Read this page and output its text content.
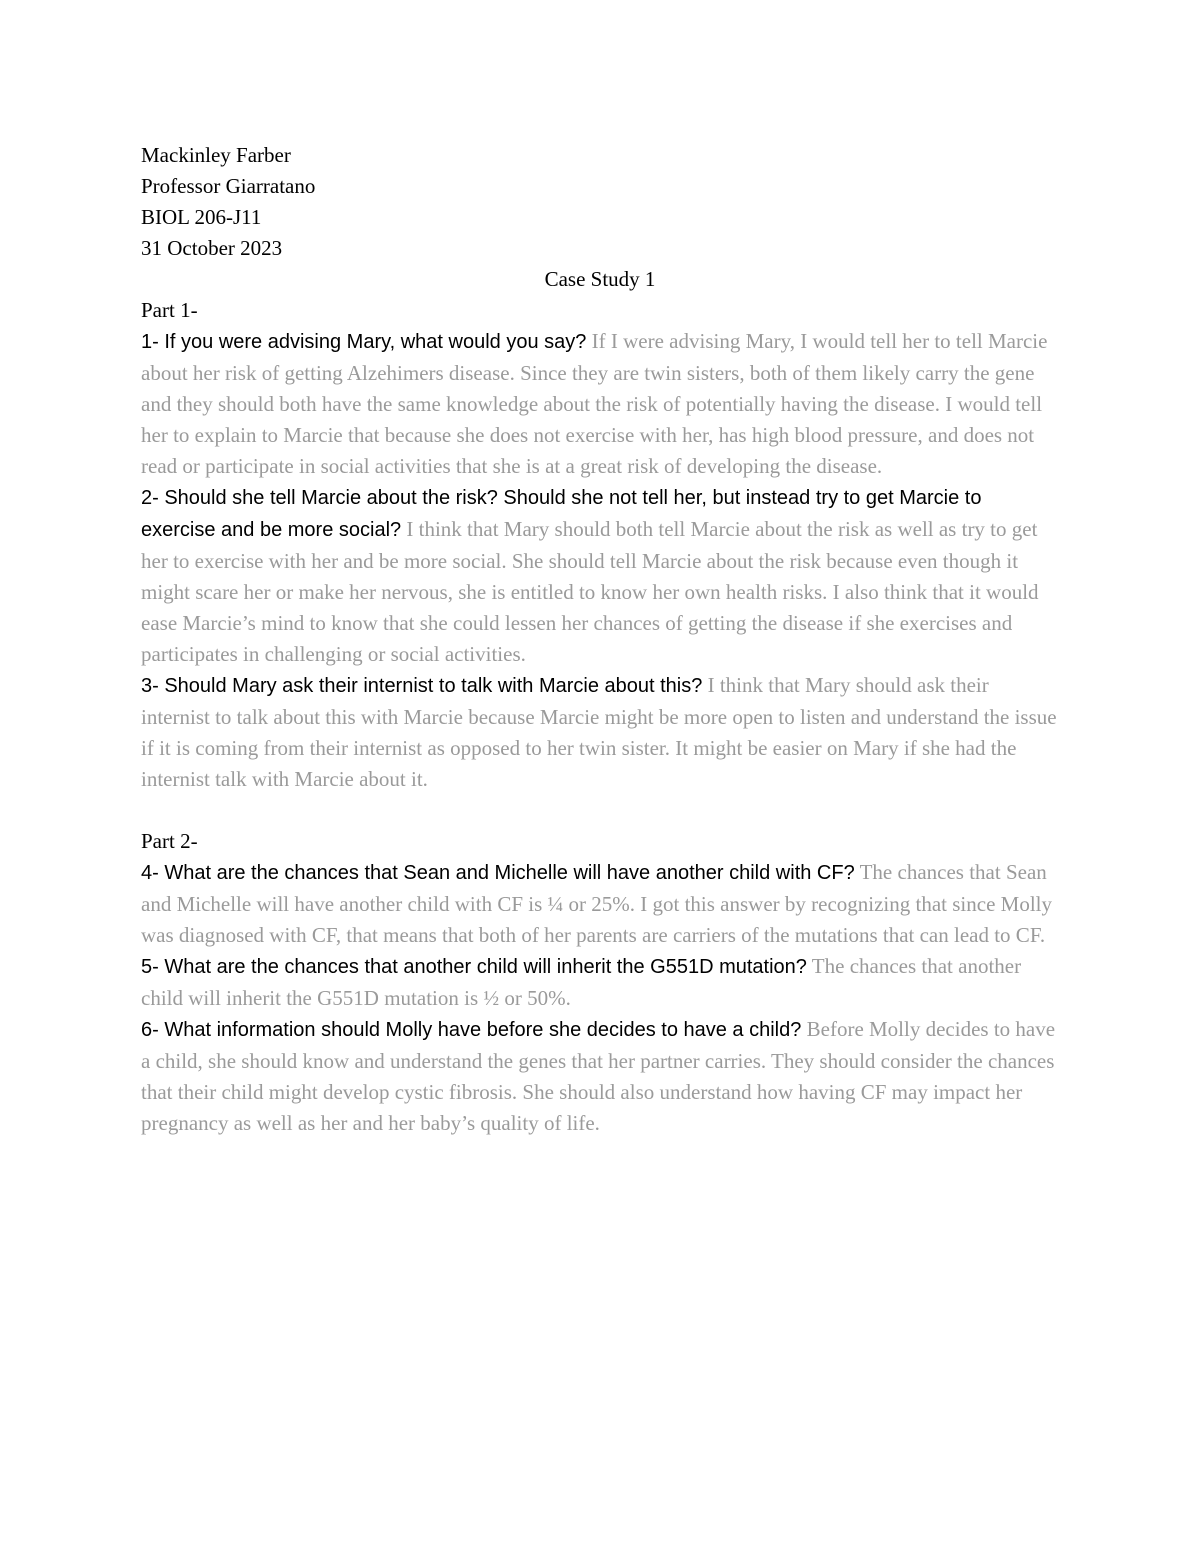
Mackinley Farber
Professor Giarratano
BIOL 206-J11
31 October 2023
Case Study 1
Part 1-

1- If you were advising Mary, what would you say? If I were advising Mary, I would tell her to tell Marcie about her risk of getting Alzehimers disease. Since they are twin sisters, both of them likely carry the gene and they should both have the same knowledge about the risk of potentially having the disease. I would tell her to explain to Marcie that because she does not exercise with her, has high blood pressure, and does not read or participate in social activities that she is at a great risk of developing the disease.

2- Should she tell Marcie about the risk? Should she not tell her, but instead try to get Marcie to exercise and be more social? I think that Mary should both tell Marcie about the risk as well as try to get her to exercise with her and be more social. She should tell Marcie about the risk because even though it might scare her or make her nervous, she is entitled to know her own health risks. I also think that it would ease Marcie’s mind to know that she could lessen her chances of getting the disease if she exercises and participates in challenging or social activities.

3- Should Mary ask their internist to talk with Marcie about this? I think that Mary should ask their internist to talk about this with Marcie because Marcie might be more open to listen and understand the issue if it is coming from their internist as opposed to her twin sister. It might be easier on Mary if she had the internist talk with Marcie about it.

Part 2-

4- What are the chances that Sean and Michelle will have another child with CF? The chances that Sean and Michelle will have another child with CF is ¼ or 25%. I got this answer by recognizing that since Molly was diagnosed with CF, that means that both of her parents are carriers of the mutations that can lead to CF.

5- What are the chances that another child will inherit the G551D mutation? The chances that another child will inherit the G551D mutation is ½ or 50%.

6- What information should Molly have before she decides to have a child? Before Molly decides to have a child, she should know and understand the genes that her partner carries. They should consider the chances that their child might develop cystic fibrosis. She should also understand how having CF may impact her pregnancy as well as her and her baby’s quality of life.
